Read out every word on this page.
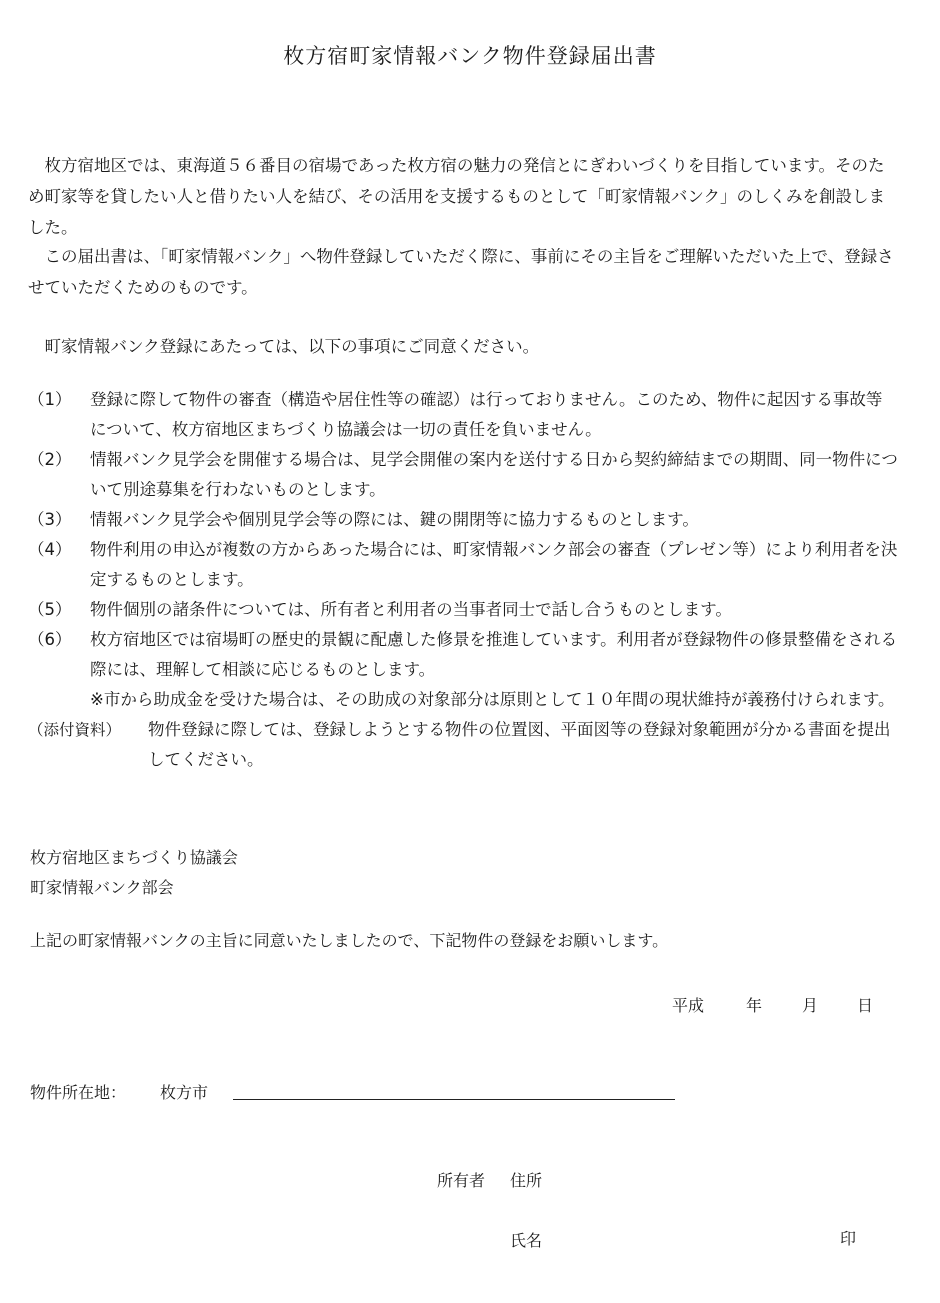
枚方宿町家情報バンク物件登録届出書

枚方宿地区では、東海道５６番目の宿場であった枚方宿の魅力の発信とにぎわいづくりを目指しています。そのため町家等を貸したい人と借りたい人を結び、その活用を支援するものとして「町家情報バンク」のしくみを創設しました。

この届出書は、「町家情報バンク」へ物件登録していただく際に、事前にその主旨をご理解いただいた上で、登録させていただくためのものです。

町家情報バンク登録にあたっては、以下の事項にご同意ください。

（1）	登録に際して物件の審査（構造や居住性等の確認）は行っておりません。このため、物件に起因する事故等について、枚方宿地区まちづくり協議会は一切の責任を負いません。
（2）	情報バンク見学会を開催する場合は、見学会開催の案内を送付する日から契約締結までの期間、同一物件について別途募集を行わないものとします。
（3）	情報バンク見学会や個別見学会等の際には、鍵の開閉等に協力するものとします。
（4）	物件利用の申込が複数の方からあった場合には、町家情報バンク部会の審査（プレゼン等）により利用者を決定するものとします。
（5）	物件個別の諸条件については、所有者と利用者の当事者同士で話し合うものとします。
（6）	枚方宿地区では宿場町の歴史的景観に配慮した修景を推進しています。利用者が登録物件の修景整備をされる際には、理解して相談に応じるものとします。
※市から助成金を受けた場合は、その助成の対象部分は原則として１０年間の現状維持が義務付けられます。
（添付資料）	物件登録に際しては、登録しようとする物件の位置図、平面図等の登録対象範囲が分かる書面を提出してください。
枚方宿地区まちづくり協議会
町家情報バンク部会
上記の町家情報バンクの主旨に同意いたしましたので、下記物件の登録をお願いします。
平成	年 月 日
物件所在地： 枚方市
所有者 住所
氏名	印
